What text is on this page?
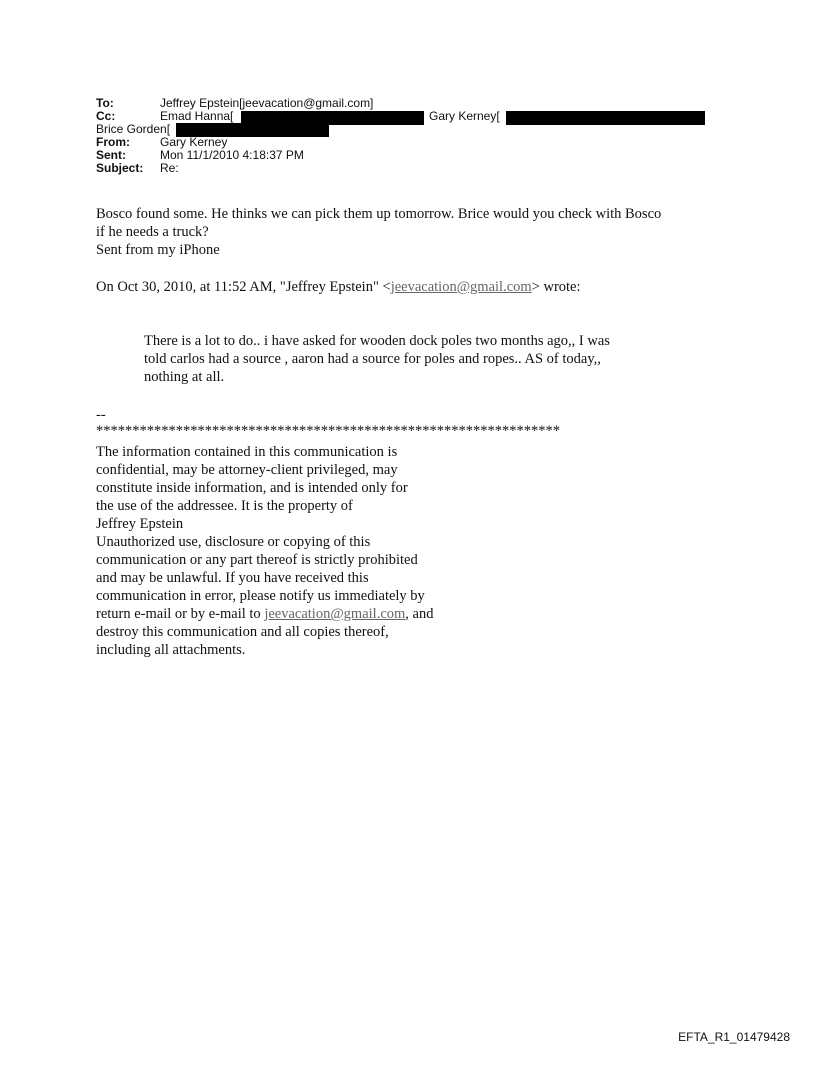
To:	Jeffrey Epstein[jeevacation@gmail.com]
Cc:	Emad Hanna[	Gary Kerney[
Brice Gorden[
From:	Gary Kerney
Sent:	Mon 11/1/2010 4:18:37 PM
Subject: Re:
Bosco found some. He thinks we can pick them up tomorrow. Brice would you check with Bosco
if he needs a truck?
Sent from my iPhone
On Oct 30, 2010, at 11:52 AM, "Jeffrey Epstein" <jeevacation@gmail.com> wrote:
There is a lot to do.. i have asked for wooden dock poles two months ago,, I was
told carlos had a source , aaron had a source for poles and ropes.. AS of today,,
nothing at all.
--
****************************************************************
The information contained in this communication is
confidential, may be attorney-client privileged, may
constitute inside information, and is intended only for
the use of the addressee. It is the property of
Jeffrey Epstein
Unauthorized use, disclosure or copying of this
communication or any part thereof is strictly prohibited
and may be unlawful. If you have received this
communication in error, please notify us immediately by
return e-mail or by e-mail to jeevacation@gmail.com, and
destroy this communication and all copies thereof,
including all attachments.
EFTA_R1_01479428
